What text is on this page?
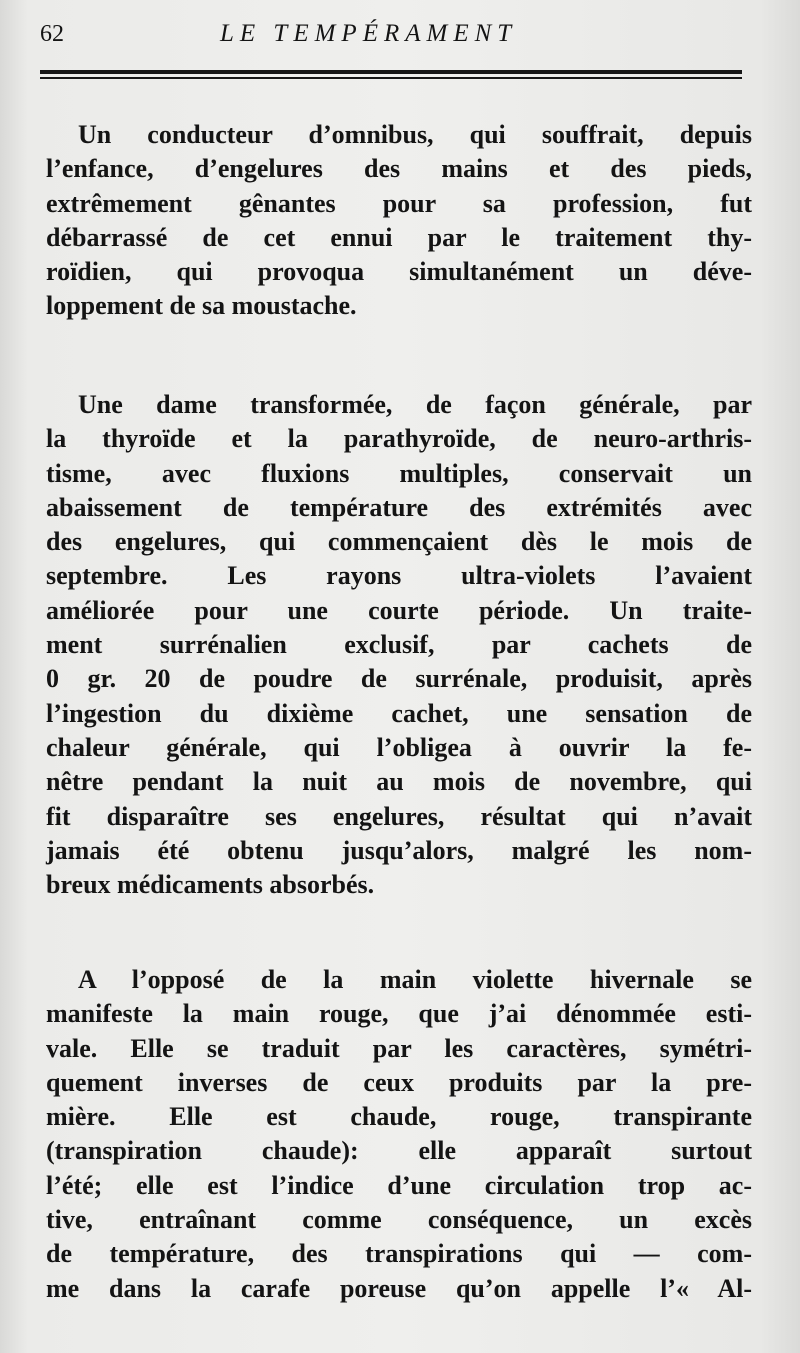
62	LE TEMPÉRAMENT
Un conducteur d’omnibus, qui souffrait, depuis
l’enfance, d’engelures des mains et des pieds,
extrêmement gênantes pour sa profession, fut
débarrassé de cet ennui par le traitement thy-
roïdien, qui provoqua simultanément un déve-
loppement de sa moustache.
Une dame transformée, de façon générale, par
la thyroïde et la parathyroïde, de neuro-arthris-
tisme, avec fluxions multiples, conservait un
abaissement de température des extrémités avec
des engelures, qui commençaient dès le mois de
septembre. Les rayons ultra-violets l’avaient
améliorée pour une courte période. Un traite-
ment surrénalien exclusif, par cachets de
0 gr. 20 de poudre de surrénale, produisit, après
l’ingestion du dixième cachet, une sensation de
chaleur générale, qui l’obligea à ouvrir la fe-
nêtre pendant la nuit au mois de novembre, qui
fit disparaître ses engelures, résultat qui n’avait
jamais été obtenu jusqu’alors, malgré les nom-
breux médicaments absorbés.
A l’opposé de la main violette hivernale se
manifeste la main rouge, que j’ai dénommée esti-
vale. Elle se traduit par les caractères, symétri-
quement inverses de ceux produits par la pre-
mière. Elle est chaude, rouge, transpirante
(transpiration chaude): elle apparaît surtout
l’été; elle est l’indice d’une circulation trop ac-
tive, entraînant comme conséquence, un excès
de température, des transpirations qui — com-
me dans la carafe poreuse qu’on appelle l’« Al-
